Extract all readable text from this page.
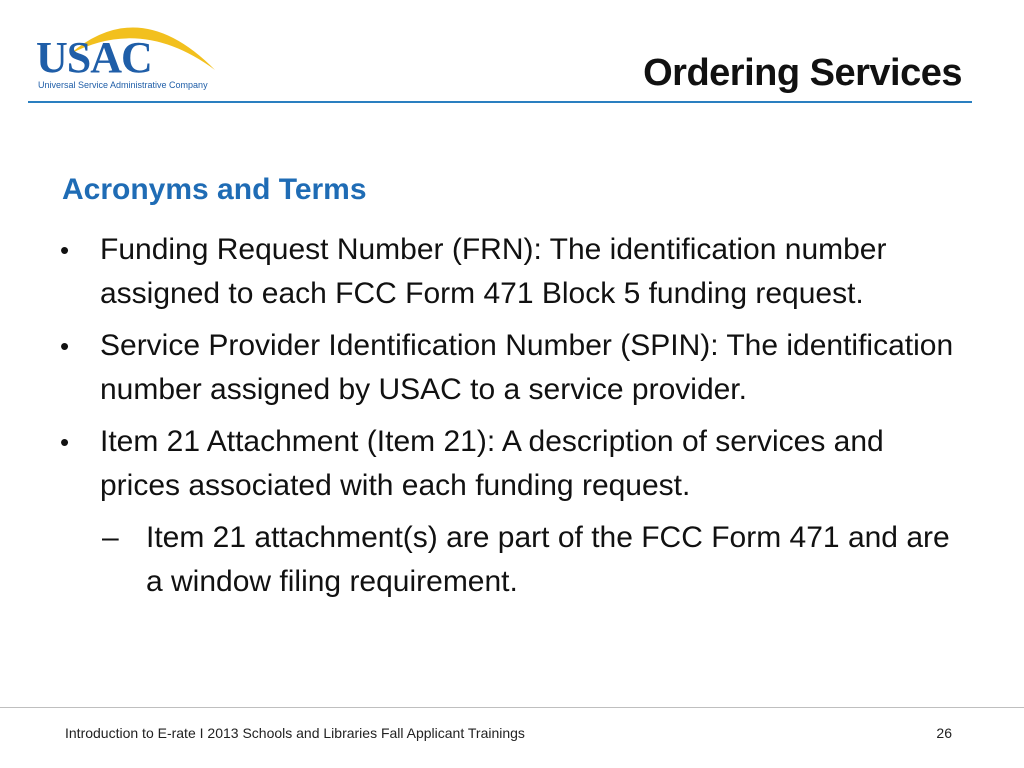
USAC
Universal Service Administrative Company	Ordering Services
Acronyms and Terms
• Funding Request Number (FRN): The identification number assigned to each FCC Form 471 Block 5 funding request.
• Service Provider Identification Number (SPIN): The identification number assigned by USAC to a service provider.
• Item 21 Attachment (Item 21): A description of services and prices associated with each funding request.
– Item 21 attachment(s) are part of the FCC Form 471 and are a window filing requirement.
Introduction to E-rate I 2013 Schools and Libraries Fall Applicant Trainings	26
